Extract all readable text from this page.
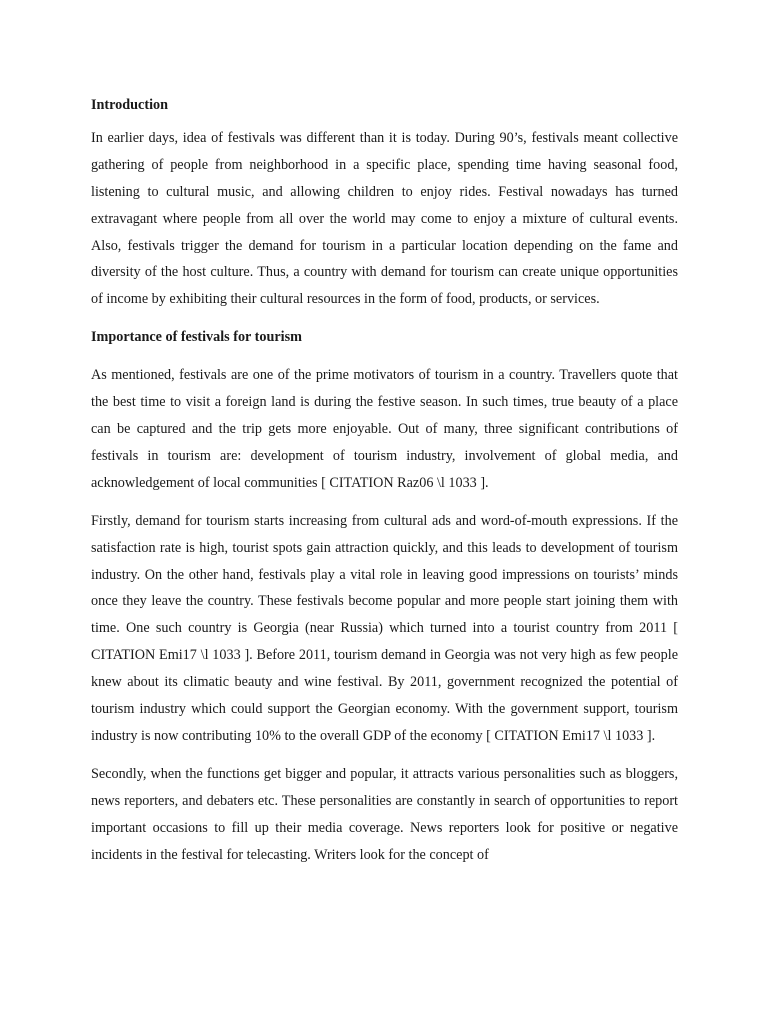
Introduction

In earlier days, idea of festivals was different than it is today. During 90’s, festivals meant collective gathering of people from neighborhood in a specific place, spending time having seasonal food, listening to cultural music, and allowing children to enjoy rides. Festival nowadays has turned extravagant where people from all over the world may come to enjoy a mixture of cultural events. Also, festivals trigger the demand for tourism in a particular location depending on the fame and diversity of the host culture. Thus, a country with demand for tourism can create unique opportunities of income by exhibiting their cultural resources in the form of food, products, or services.

Importance of festivals for tourism

As mentioned, festivals are one of the prime motivators of tourism in a country. Travellers quote that the best time to visit a foreign land is during the festive season. In such times, true beauty of a place can be captured and the trip gets more enjoyable. Out of many, three significant contributions of festivals in tourism are: development of tourism industry, involvement of global media, and acknowledgement of local communities [ CITATION Raz06 \l 1033 ].

Firstly, demand for tourism starts increasing from cultural ads and word-of-mouth expressions. If the satisfaction rate is high, tourist spots gain attraction quickly, and this leads to development of tourism industry. On the other hand, festivals play a vital role in leaving good impressions on tourists’ minds once they leave the country. These festivals become popular and more people start joining them with time. One such country is Georgia (near Russia) which turned into a tourist country from 2011 [ CITATION Emi17 \l 1033 ]. Before 2011, tourism demand in Georgia was not very high as few people knew about its climatic beauty and wine festival. By 2011, government recognized the potential of tourism industry which could support the Georgian economy. With the government support, tourism industry is now contributing 10% to the overall GDP of the economy [ CITATION Emi17 \l 1033 ].

Secondly, when the functions get bigger and popular, it attracts various personalities such as bloggers, news reporters, and debaters etc. These personalities are constantly in search of opportunities to report important occasions to fill up their media coverage. News reporters look for positive or negative incidents in the festival for telecasting. Writers look for the concept of
